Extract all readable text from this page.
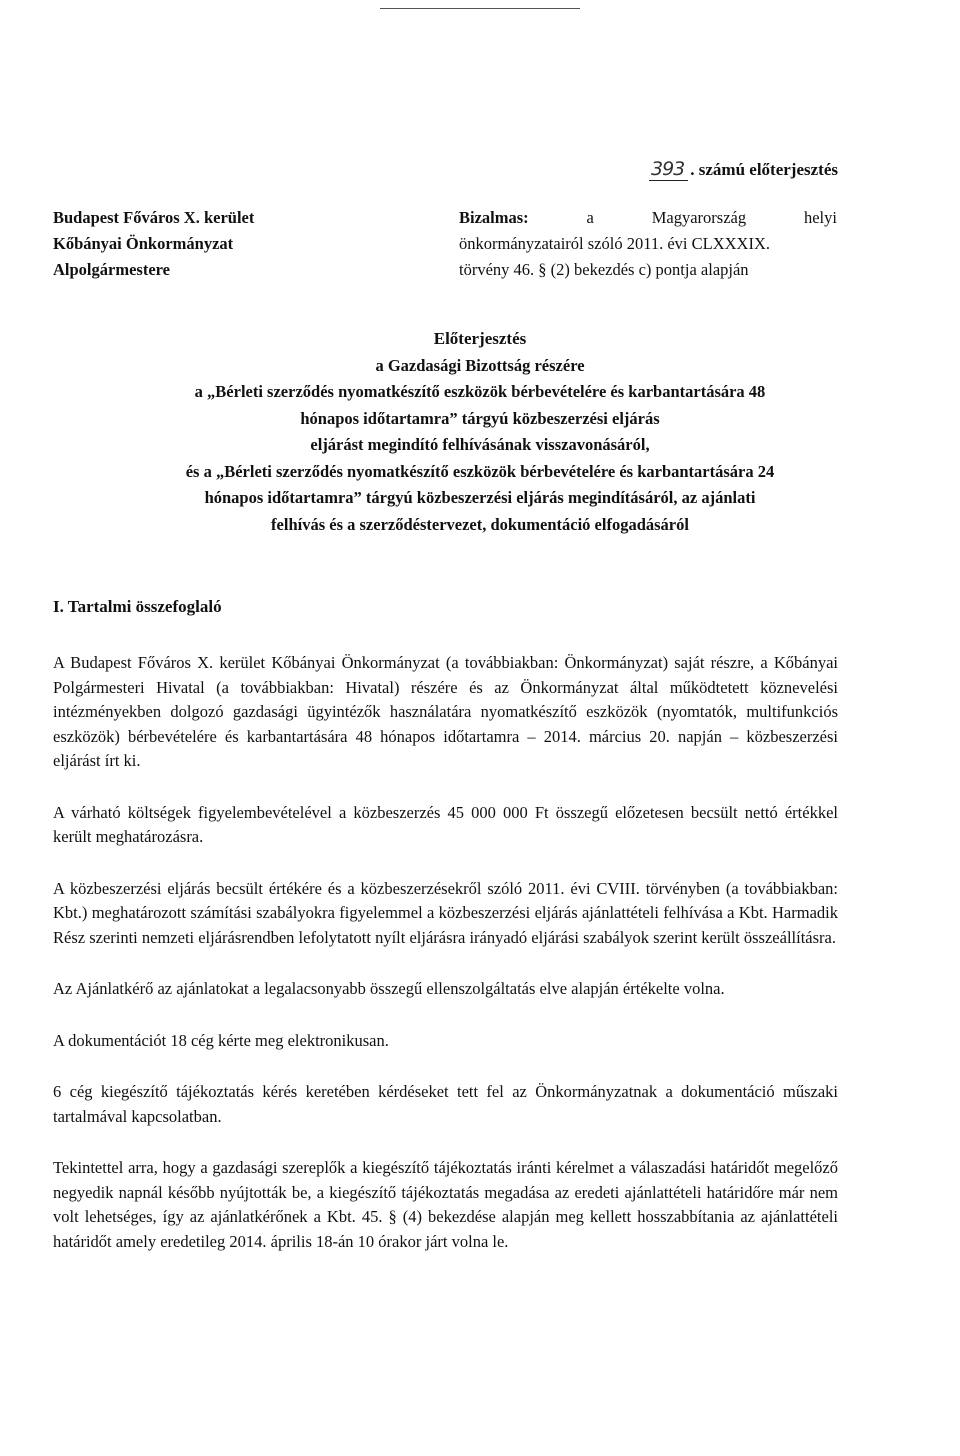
393 . számú előterjesztés
Budapest Főváros X. kerület
Kőbányai Önkormányzat
Alpolgármestere
Bizalmas:	a	Magyarország	helyi
önkormányzatairól szóló 2011. évi CLXXXIX.
törvény 46. § (2) bekezdés c) pontja alapján
Előterjesztés
a Gazdasági Bizottság részére
a „Bérleti szerződés nyomatkészítő eszközök bérbevételére és karbantartására 48
hónapos időtartamra” tárgyú közbeszerzési eljárás
eljárást megindító felhívásának visszavonásáról,
és a „Bérleti szerződés nyomatkészítő eszközök bérbevételére és karbantartására 24
hónapos időtartamra” tárgyú közbeszerzési eljárás megindításáról, az ajánlati
felhívás és a szerződéstervezet, dokumentáció elfogadásáról
I. Tartalmi összefoglaló

A Budapest Főváros X. kerület Kőbányai Önkormányzat (a továbbiakban: Önkormányzat) saját részre, a Kőbányai Polgármesteri Hivatal (a továbbiakban: Hivatal) részére és az Önkormányzat által működtetett köznevelési intézményekben dolgozó gazdasági ügyintézők használatára nyomatkészítő eszközök (nyomtatók, multifunkciós eszközök) bérbevételére és karbantartására 48 hónapos időtartamra – 2014. március 20. napján – közbeszerzési eljárást írt ki.

A várható költségek figyelembevételével a közbeszerzés 45 000 000 Ft összegű előzetesen becsült nettó értékkel került meghatározásra.

A közbeszerzési eljárás becsült értékére és a közbeszerzésekről szóló 2011. évi CVIII. törvényben (a továbbiakban: Kbt.) meghatározott számítási szabályokra figyelemmel a közbeszerzési eljárás ajánlattételi felhívása a Kbt. Harmadik Rész szerinti nemzeti eljárásrendben lefolytatott nyílt eljárásra irányadó eljárási szabályok szerint került összeállításra.

Az Ajánlatkérő az ajánlatokat a legalacsonyabb összegű ellenszolgáltatás elve alapján értékelte volna.

A dokumentációt 18 cég kérte meg elektronikusan.

6 cég kiegészítő tájékoztatás kérés keretében kérdéseket tett fel az Önkormányzatnak a dokumentáció műszaki tartalmával kapcsolatban.

Tekintettel arra, hogy a gazdasági szereplők a kiegészítő tájékoztatás iránti kérelmet a válaszadási határidőt megelőző negyedik napnál később nyújtották be, a kiegészítő tájékoztatás megadása az eredeti ajánlattételi határidőre már nem volt lehetséges, így az ajánlatkérőnek a Kbt. 45. § (4) bekezdése alapján meg kellett hosszabbítania az ajánlattételi határidőt amely eredetileg 2014. április 18-án 10 órakor járt volna le.
